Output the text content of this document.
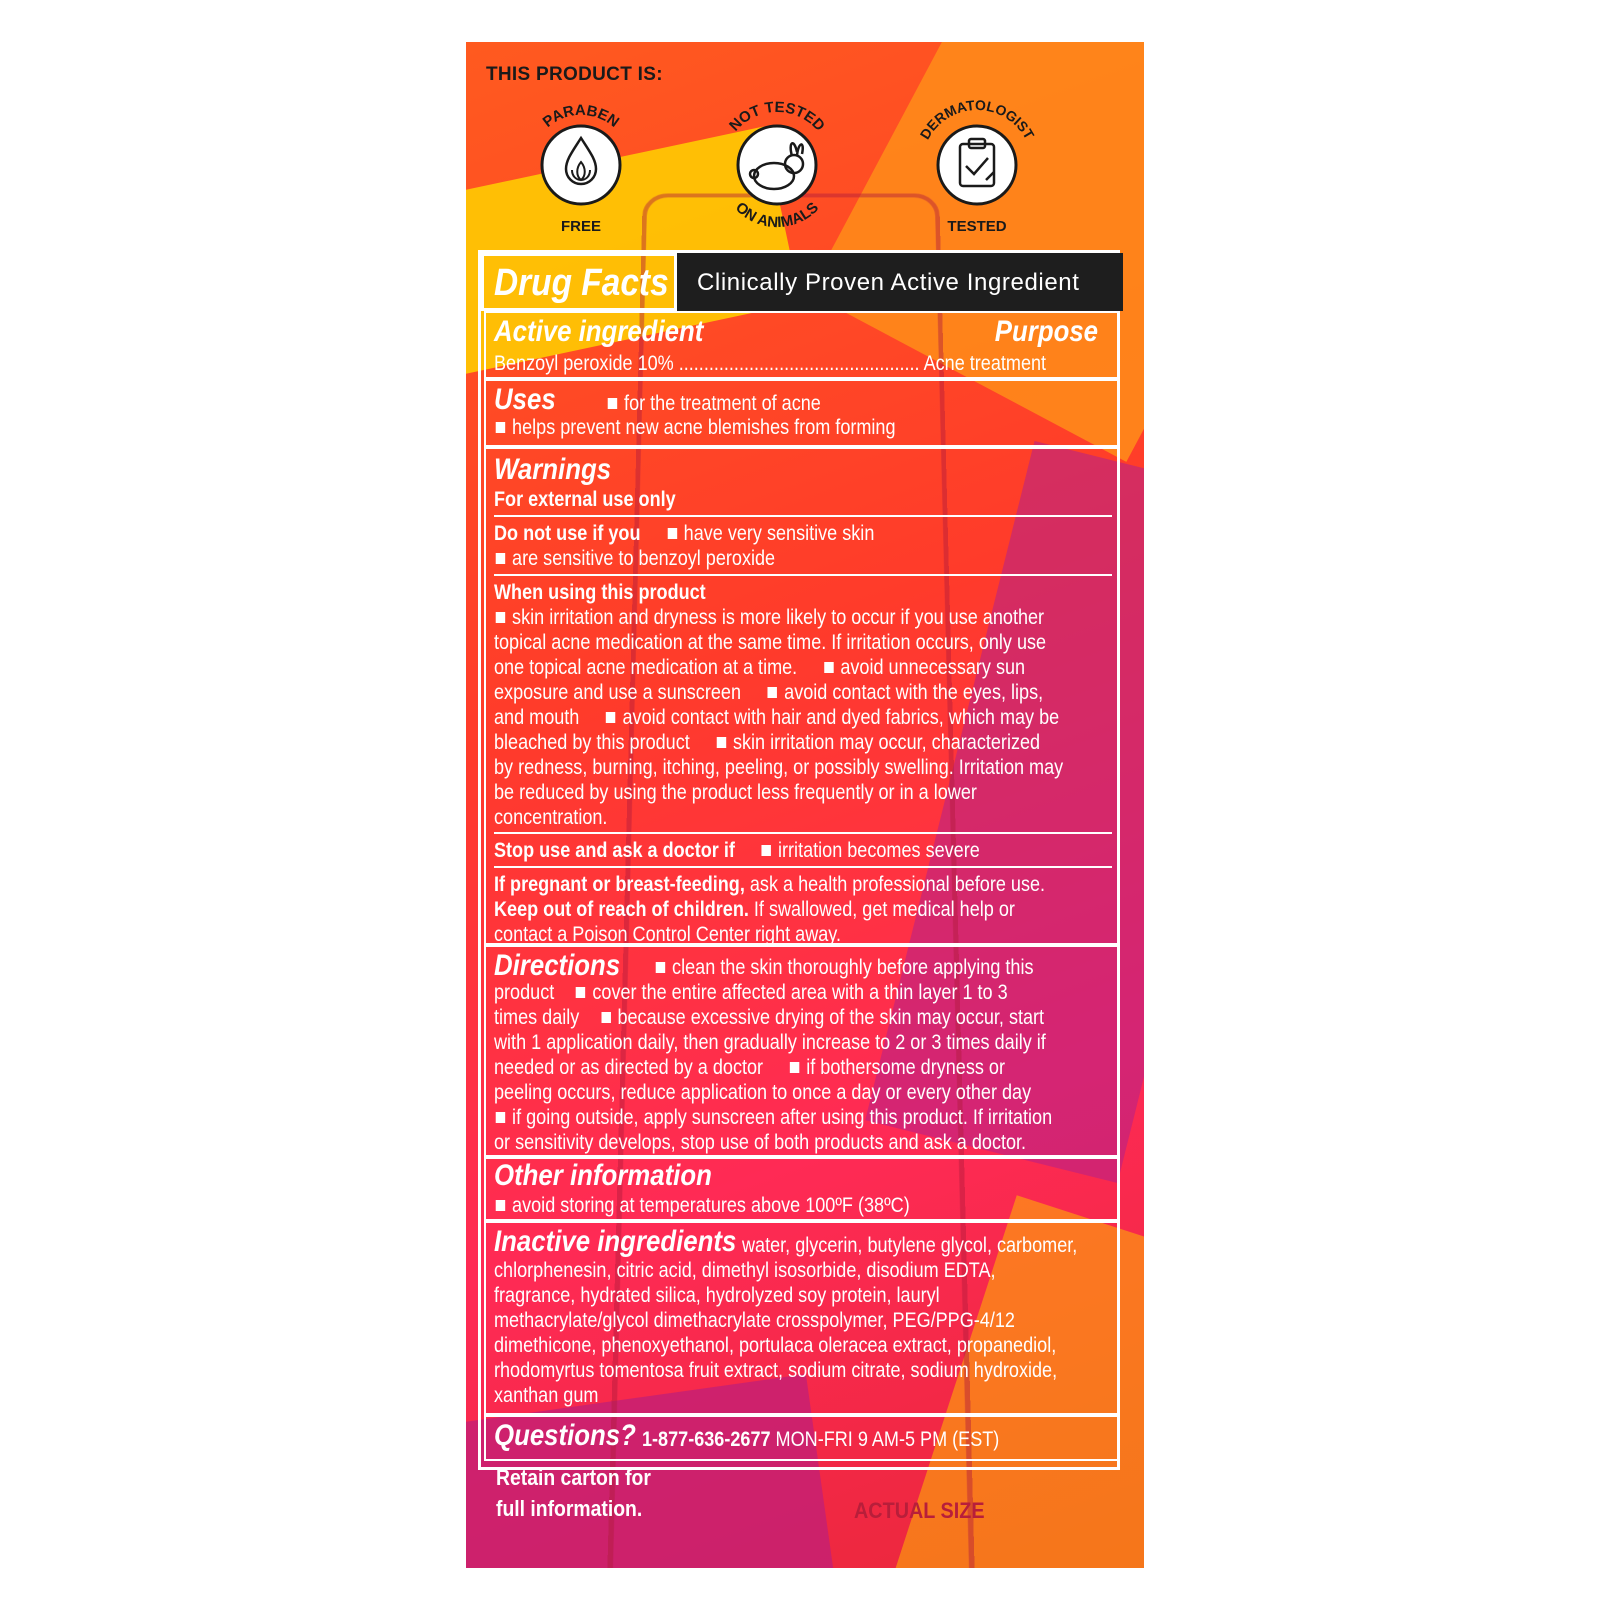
THIS PRODUCT IS:
PARABEN
FREE
NOT TESTED
ON ANIMALS
DERMATOLOGIST
TESTED
Drug Facts Clinically Proven Active Ingredient
Active ingredient	Purpose
Benzoyl peroxide 10% ................................................ Acne treatment
Uses	for the treatment of acne
helps prevent new acne blemishes from forming
Warnings
For external use only
Do not use if you have very sensitive skin
are sensitive to benzoyl peroxide
When using this product
skin irritation and dryness is more likely to occur if you use another
topical acne medication at the same time. If irritation occurs, only use
one topical acne medication at a time. avoid unnecessary sun
exposure and use a sunscreen avoid contact with the eyes, lips,
and mouth avoid contact with hair and dyed fabrics, which may be
bleached by this product skin irritation may occur, characterized
by redness, burning, itching, peeling, or possibly swelling. Irritation may
be reduced by using the product less frequently or in a lower
concentration.
Stop use and ask a doctor if irritation becomes severe
If pregnant or breast-feeding, ask a health professional before use.
Keep out of reach of children. If swallowed, get medical help or
contact a Poison Control Center right away.
Directions	clean the skin thoroughly before applying this
product cover the entire affected area with a thin layer 1 to 3
times daily because excessive drying of the skin may occur, start
with 1 application daily, then gradually increase to 2 or 3 times daily if
needed or as directed by a doctor if bothersome dryness or
peeling occurs, reduce application to once a day or every other day
if going outside, apply sunscreen after using this product. If irritation
or sensitivity develops, stop use of both products and ask a doctor.
Other information
avoid storing at temperatures above 100ºF (38ºC)
Inactive ingredients water, glycerin, butylene glycol, carbomer,
chlorphenesin, citric acid, dimethyl isosorbide, disodium EDTA,
fragrance, hydrated silica, hydrolyzed soy protein, lauryl
methacrylate/glycol dimethacrylate crosspolymer, PEG/PPG-4/12
dimethicone, phenoxyethanol, portulaca oleracea extract, propanediol,
rhodomyrtus tomentosa fruit extract, sodium citrate, sodium hydroxide,
xanthan gum
Questions? 1-877-636-2677 MON-FRI 9 AM-5 PM (EST)
Retain carton for
full information.	ACTUAL SIZE
